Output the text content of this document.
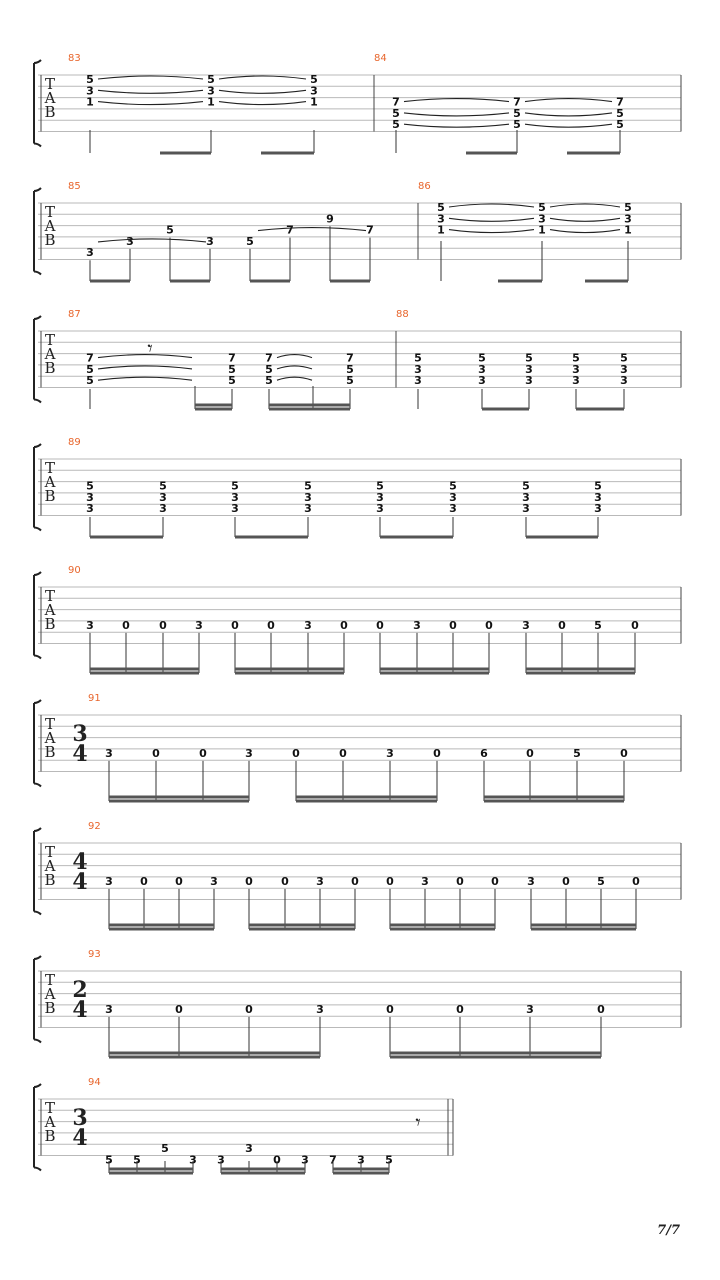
T
A
B
83	84
5
3
1
5
3
1
5
3
1	7
5
5
7
5
5
7
5
5
T
A
B
85	86
3
3
5
3	5
7
9
7
5
3
1
5
3
1
5
3
1
T
A
B
87	88
7
5
5
7
5
5
7
5
5
7
5
5
𝄾	5
3
3
5
3
3
5
3
3
5
3
3
5
3
3
T
A
B
89
5
3
3
5
3
3
5
3
3
5
3
3
5
3
3
5
3
3
5
3
3
5
3
3
T
A
B
90
3	0	0	3	0	0	3	0	0	3	0	0	3	0	5	0
T
A
B
91
3
4 3	0	0	3	0	0	3	0	6	0	5	0
T
A
B
92
4
4 3 0 0 3 0	0 3 0 0 3 0 0	3 0 5 0
T
A
B
93
2
4 3	0	0	3	0	0	3	0
T
A
B
94
3
4
5 5	3 3	0 3 7 3 5
5	3
𝄾
7/7
